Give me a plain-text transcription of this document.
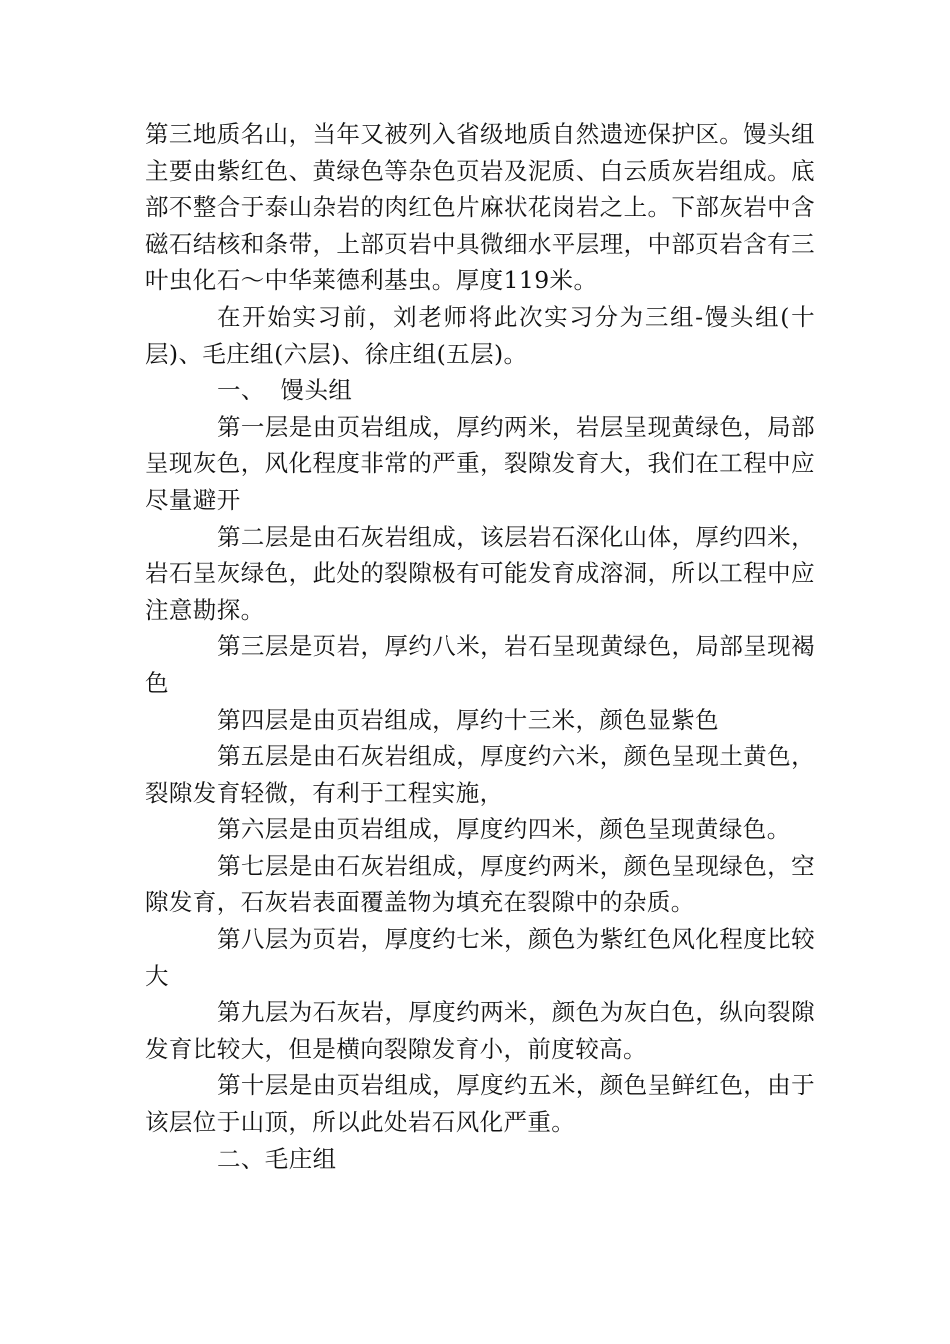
第三地质名山，当年又被列入省级地质自然遗迹保护区。馒头组主要由紫红色、黄绿色等杂色页岩及泥质、白云质灰岩组成。底部不整合于泰山杂岩的肉红色片麻状花岗岩之上。下部灰岩中含磁石结核和条带，上部页岩中具微细水平层理，中部页岩含有三叶虫化石～中华莱德利基虫。厚度119米。

在开始实习前，刘老师将此次实习分为三组-馒头组(十层)、毛庄组(六层)、徐庄组(五层)。

一、  馒头组

第一层是由页岩组成，厚约两米，岩层呈现黄绿色，局部呈现灰色，风化程度非常的严重，裂隙发育大，我们在工程中应尽量避开

第二层是由石灰岩组成，该层岩石深化山体，厚约四米，岩石呈灰绿色，此处的裂隙极有可能发育成溶洞，所以工程中应注意勘探。

第三层是页岩，厚约八米，岩石呈现黄绿色，局部呈现褐色

第四层是由页岩组成，厚约十三米，颜色显紫色

第五层是由石灰岩组成，厚度约六米，颜色呈现土黄色，裂隙发育轻微，有利于工程实施，

第六层是由页岩组成，厚度约四米，颜色呈现黄绿色。

第七层是由石灰岩组成，厚度约两米，颜色呈现绿色，空隙发育，石灰岩表面覆盖物为填充在裂隙中的杂质。

第八层为页岩，厚度约七米，颜色为紫红色风化程度比较大

第九层为石灰岩，厚度约两米，颜色为灰白色，纵向裂隙发育比较大，但是横向裂隙发育小，前度较高。

第十层是由页岩组成，厚度约五米，颜色呈鲜红色，由于该层位于山顶，所以此处岩石风化严重。

二、毛庄组
